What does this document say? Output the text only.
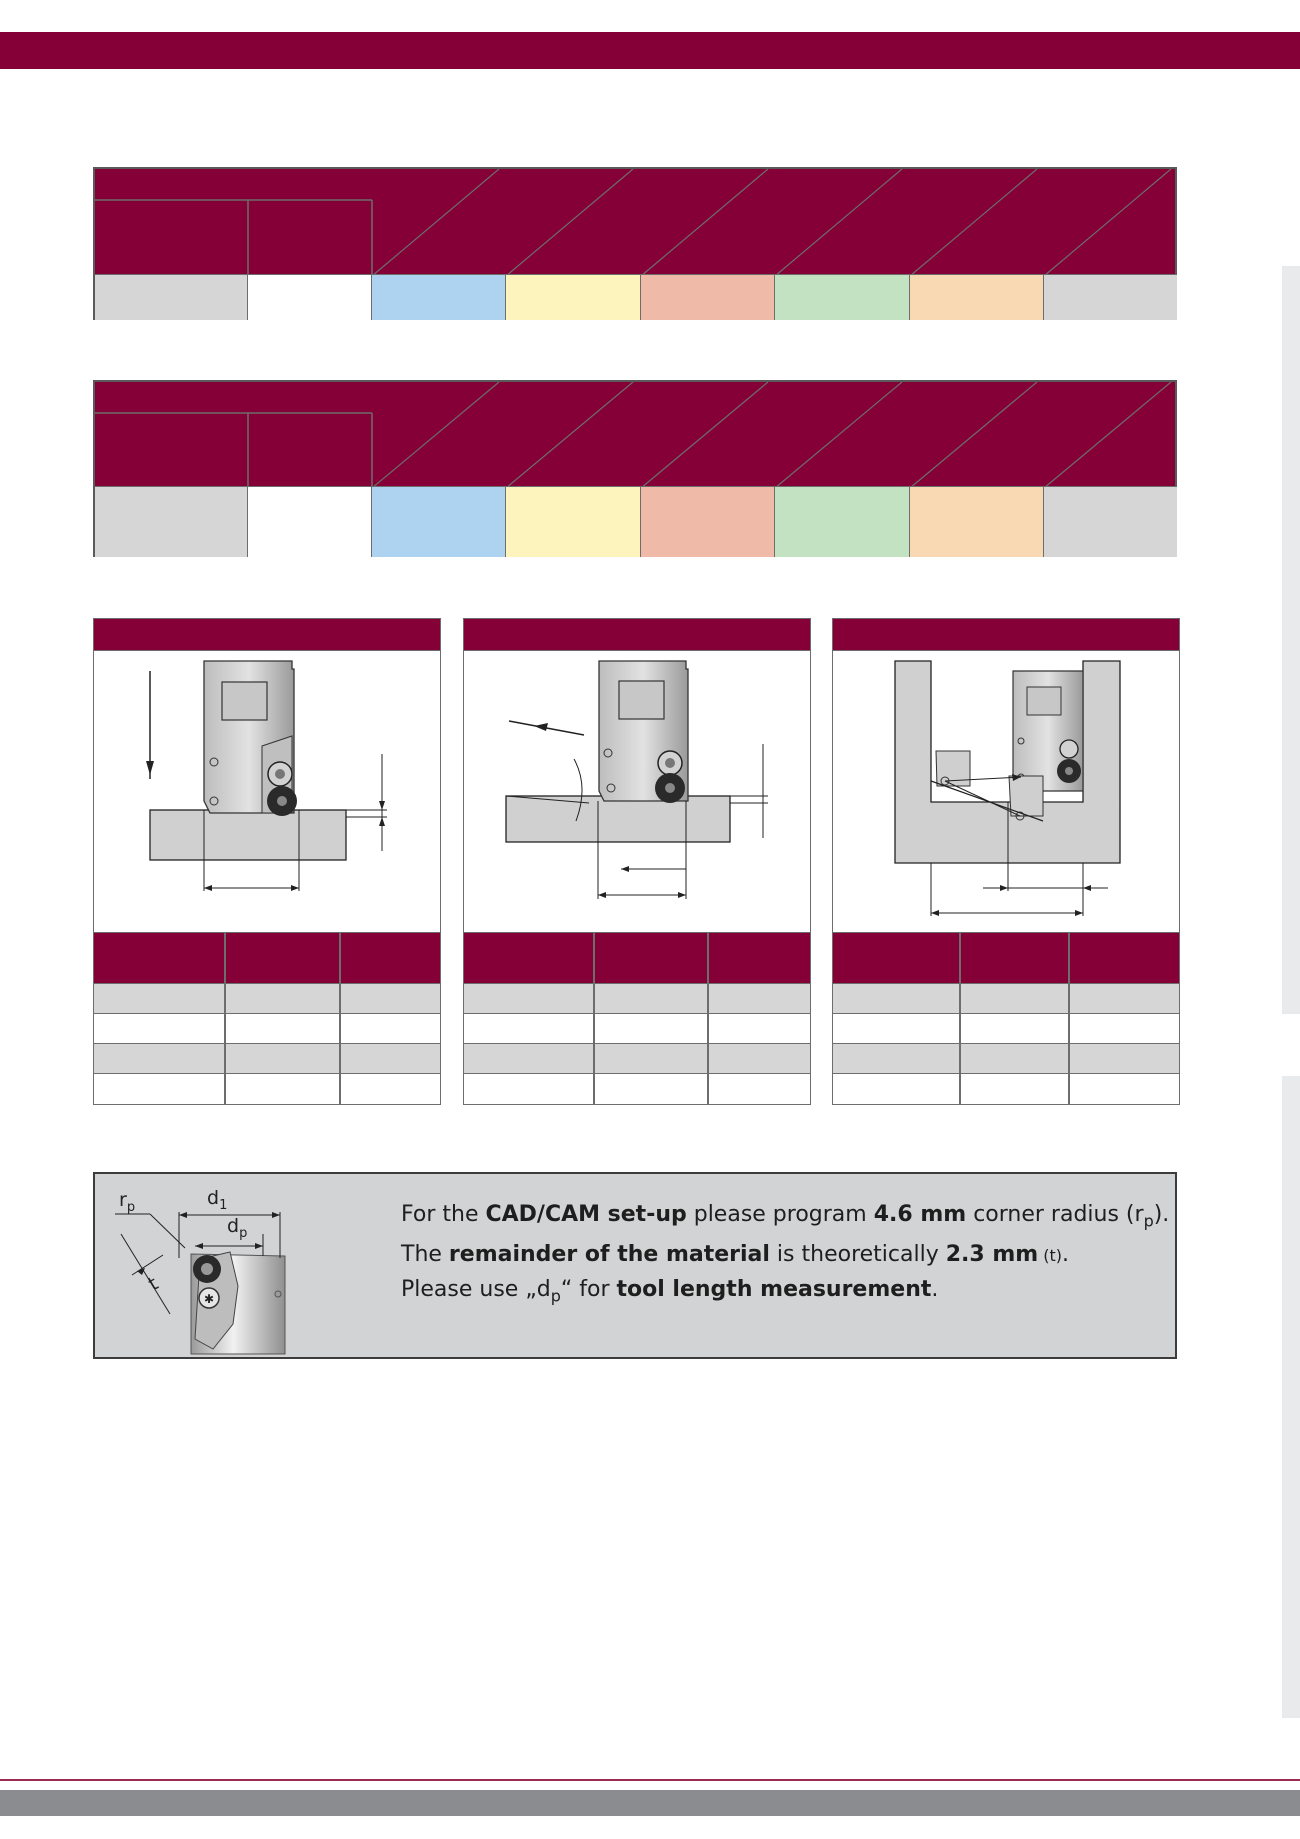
✱
$r_p$	$d_1$
$d_p$
t
For the CAD/CAM set-up please program 4.6 mm corner radius $(r_p)$.
The remainder of the material is theoretically 2.3 mm (t).
Please use $„d_p“$ for tool length measurement.
